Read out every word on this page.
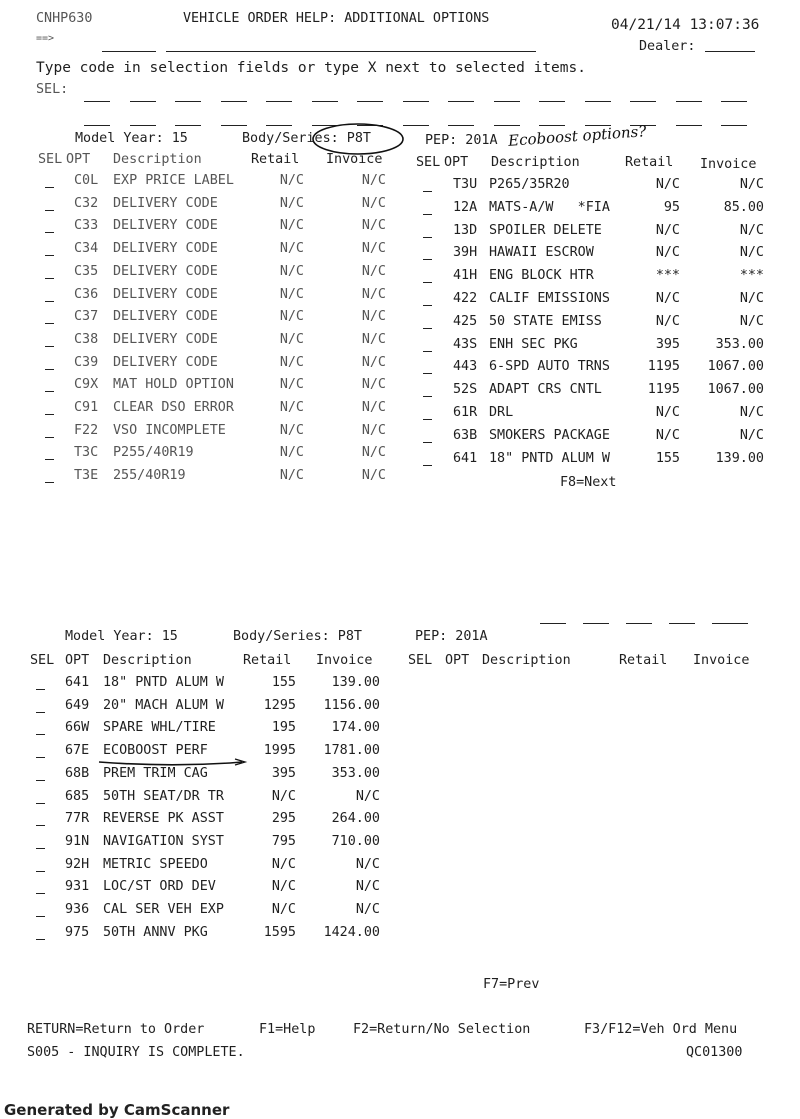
CNHP630	VEHICLE ORDER HELP: ADDITIONAL OPTIONS	04/21/14 13:07:36
==>
Dealer:
Type code in selection fields or type X next to selected items.
SEL:
Model Year: 15	Body/Series: P8T	PEP: 201A Ecoboost options?
SEL OPT Description	Retail Invoice	SEL OPT Description	Retail Invoice
C0L EXP PRICE LABEL	N/C	N/C
C32 DELIVERY CODE	N/C	N/C
C33 DELIVERY CODE	N/C	N/C
C34 DELIVERY CODE	N/C	N/C
C35 DELIVERY CODE	N/C	N/C
C36 DELIVERY CODE	N/C	N/C
C37 DELIVERY CODE	N/C	N/C
C38 DELIVERY CODE	N/C	N/C
C39 DELIVERY CODE	N/C	N/C
C9X MAT HOLD OPTION	N/C	N/C
C91 CLEAR DSO ERROR	N/C	N/C
F22 VSO INCOMPLETE	N/C	N/C
T3C P255/40R19	N/C	N/C
T3E 255/40R19	N/C	N/C
T3U P265/35R20	N/C	N/C
12A MATS-A/W   *FIA	95	85.00
13D SPOILER DELETE	N/C	N/C
39H HAWAII ESCROW	N/C	N/C
41H ENG BLOCK HTR	***	***
422 CALIF EMISSIONS	N/C	N/C
425 50 STATE EMISS	N/C	N/C
43S ENH SEC PKG	395	353.00
443 6-SPD AUTO TRNS	1195	1067.00
52S ADAPT CRS CNTL	1195	1067.00
61R DRL	N/C	N/C
63B SMOKERS PACKAGE	N/C	N/C
641 18" PNTD ALUM W	155	139.00
F8=Next
Model Year: 15	Body/Series: P8T	PEP: 201A
SEL OPT Description	Retail Invoice	SEL OPT Description	Retail Invoice
641 18" PNTD ALUM W	155	139.00
649 20" MACH ALUM W	1295	1156.00
66W SPARE WHL/TIRE	195	174.00
67E ECOBOOST PERF	1995	1781.00
68B PREM TRIM CAG	395	353.00
685 50TH SEAT/DR TR	N/C	N/C
77R REVERSE PK ASST	295	264.00
91N NAVIGATION SYST	795	710.00
92H METRIC SPEEDO	N/C	N/C
931 LOC/ST ORD DEV	N/C	N/C
936 CAL SER VEH EXP	N/C	N/C
975 50TH ANNV PKG	1595	1424.00
F7=Prev
RETURN=Return to Order	F1=Help	F2=Return/No Selection	F3/F12=Veh Ord Menu
S005 - INQUIRY IS COMPLETE.	QC01300
Generated by CamScanner
